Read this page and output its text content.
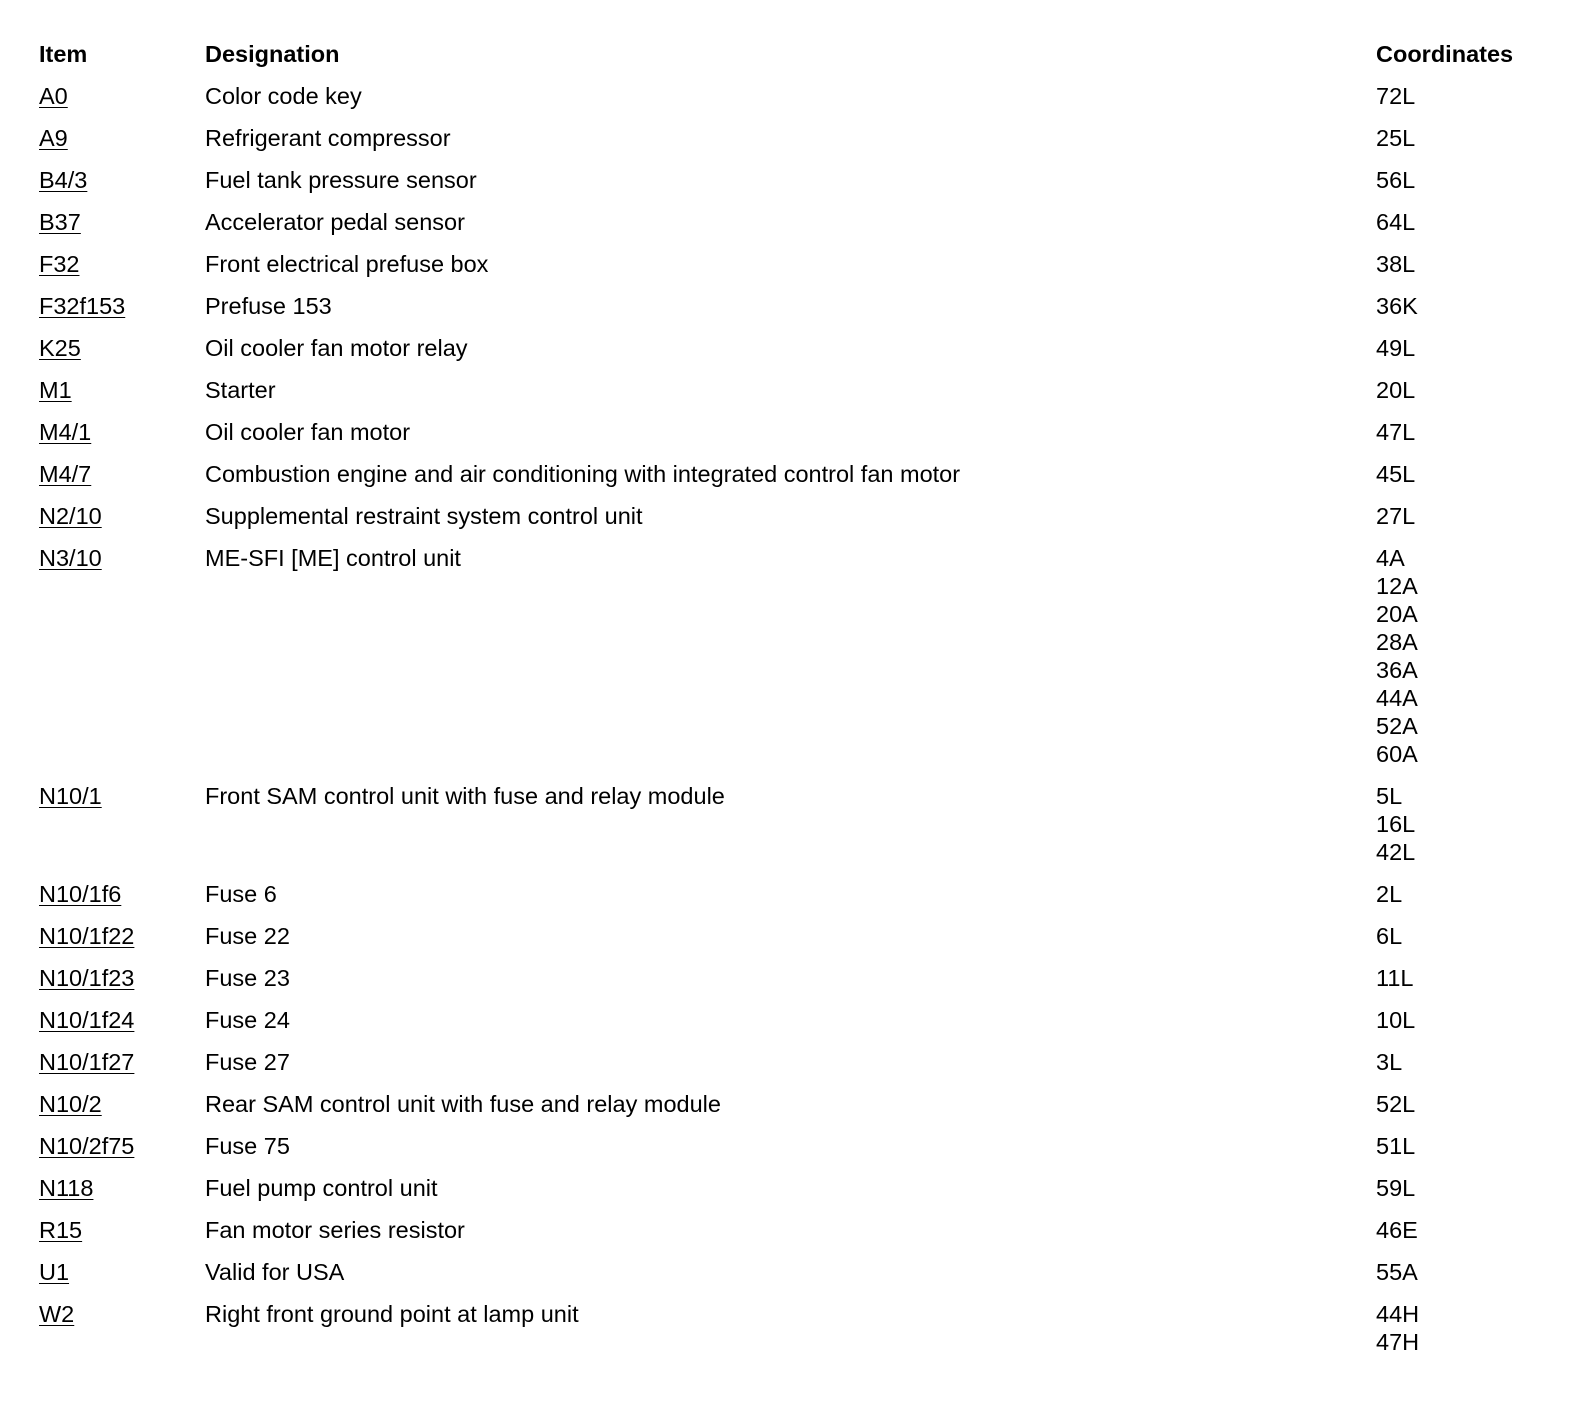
Item	Designation	Coordinates
A0	Color code key	72L
A9	Refrigerant compressor	25L
B4/3	Fuel tank pressure sensor	56L
B37	Accelerator pedal sensor	64L
F32	Front electrical prefuse box	38L
F32f153	Prefuse 153	36K
K25	Oil cooler fan motor relay	49L
M1	Starter	20L
M4/1	Oil cooler fan motor	47L
M4/7	Combustion engine and air conditioning with integrated control fan motor	45L
N2/10	Supplemental restraint system control unit	27L
N3/10	ME-SFI [ME] control unit	4A
12A
20A
28A
36A
44A
52A
60A
N10/1	Front SAM control unit with fuse and relay module	5L
16L
42L
N10/1f6	Fuse 6	2L
N10/1f22	Fuse 22	6L
N10/1f23	Fuse 23	11L
N10/1f24	Fuse 24	10L
N10/1f27	Fuse 27	3L
N10/2	Rear SAM control unit with fuse and relay module	52L
N10/2f75	Fuse 75	51L
N118	Fuel pump control unit	59L
R15	Fan motor series resistor	46E
U1	Valid for USA	55A
W2	Right front ground point at lamp unit	44H
47H
